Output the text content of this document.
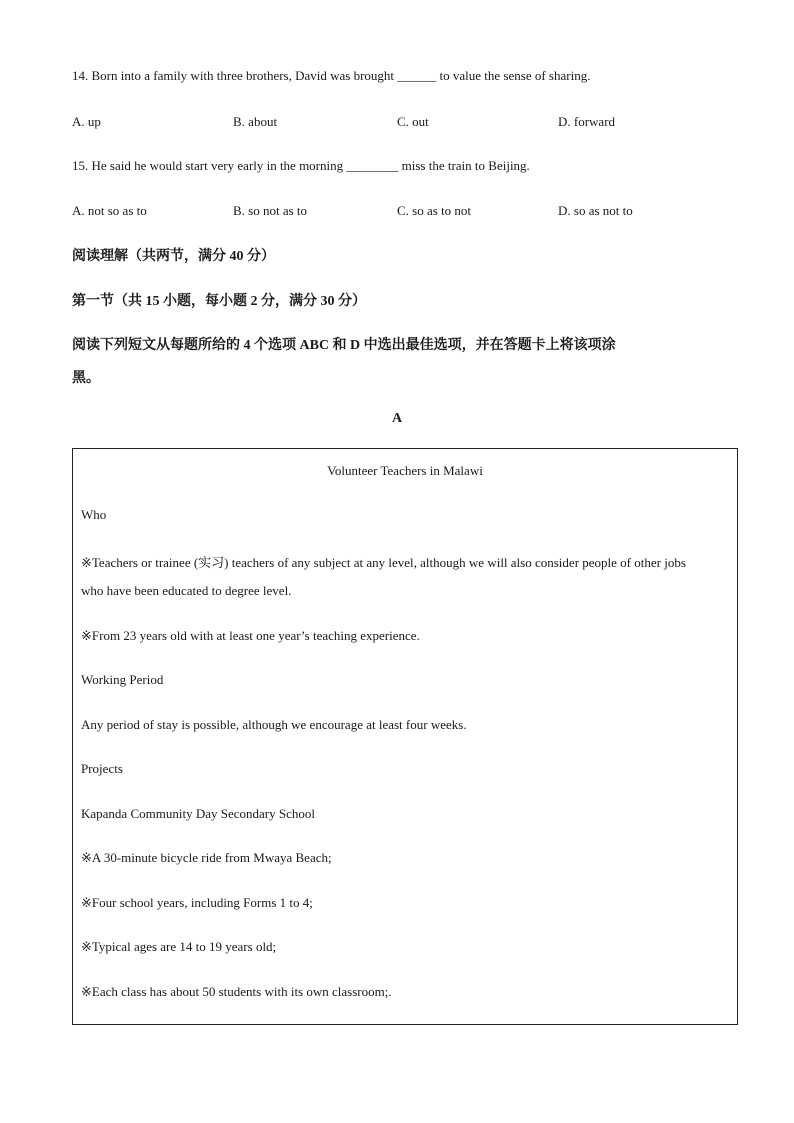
14. Born into a family with three brothers, David was brought ______ to value the sense of sharing.
A. up	B. about	C. out	D. forward
15. He said he would start very early in the morning ________ miss the train to Beijing.
A. not so as to	B. so not as to	C. so as to not	D. so as not to
阅读理解（共两节，满分 40 分）
第一节（共 15 小题，每小题 2 分，满分 30 分）
阅读下列短文从每题所给的 4 个选项 ABC 和 D 中选出最佳选项，并在答题卡上将该项涂
黑。
A
Volunteer Teachers in Malawi
Who
※Teachers or trainee (实习) teachers of any subject at any level, although we will also consider people of other jobs
who have been educated to degree level.
※From 23 years old with at least one year’s teaching experience.
Working Period
Any period of stay is possible, although we encourage at least four weeks.
Projects
Kapanda Community Day Secondary School
※A 30-minute bicycle ride from Mwaya Beach;
※Four school years, including Forms 1 to 4;
※Typical ages are 14 to 19 years old;
※Each class has about 50 students with its own classroom;.
